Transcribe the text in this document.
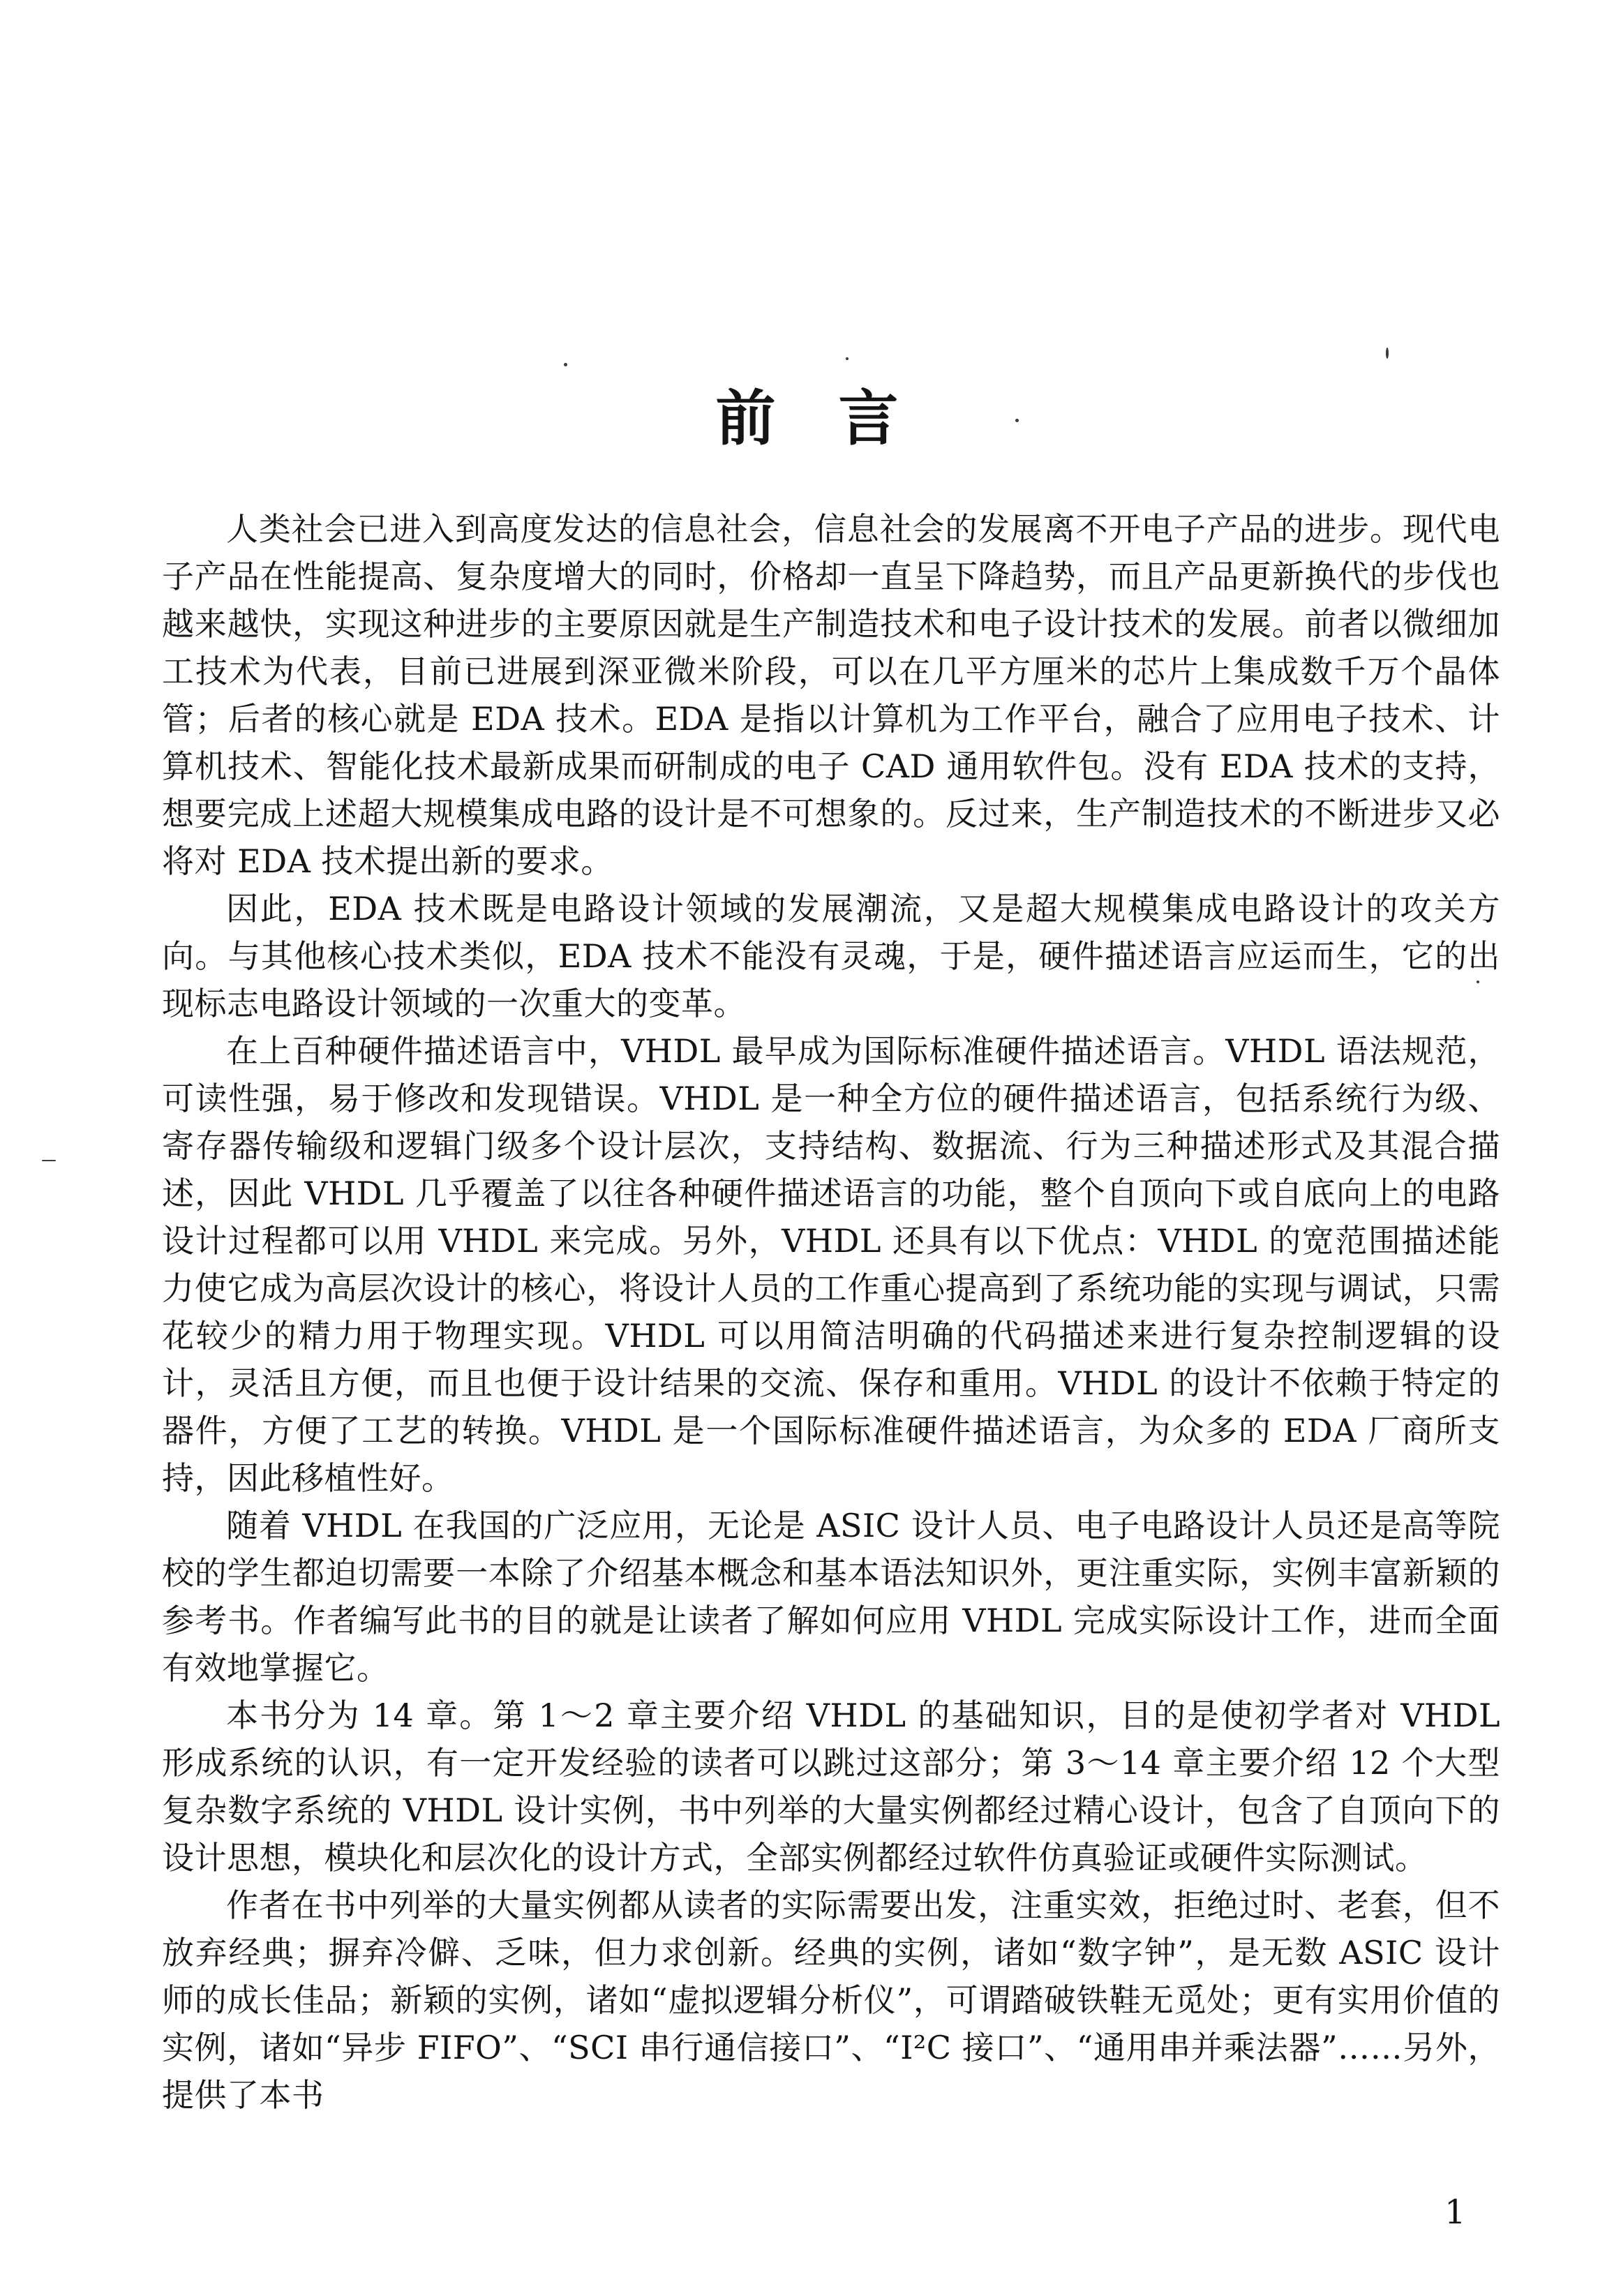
前言

人类社会已进入到高度发达的信息社会，信息社会的发展离不开电子产品的进步。现代电子产品在性能提高、复杂度增大的同时，价格却一直呈下降趋势，而且产品更新换代的步伐也越来越快，实现这种进步的主要原因就是生产制造技术和电子设计技术的发展。前者以微细加工技术为代表，目前已进展到深亚微米阶段，可以在几平方厘米的芯片上集成数千万个晶体管；后者的核心就是 EDA 技术。EDA 是指以计算机为工作平台，融合了应用电子技术、计算机技术、智能化技术最新成果而研制成的电子 CAD 通用软件包。没有 EDA 技术的支持，想要完成上述超大规模集成电路的设计是不可想象的。反过来，生产制造技术的不断进步又必将对 EDA 技术提出新的要求。

因此，EDA 技术既是电路设计领域的发展潮流，又是超大规模集成电路设计的攻关方向。与其他核心技术类似，EDA 技术不能没有灵魂，于是，硬件描述语言应运而生，它的出现标志电路设计领域的一次重大的变革。

在上百种硬件描述语言中，VHDL 最早成为国际标准硬件描述语言。VHDL 语法规范，可读性强，易于修改和发现错误。VHDL 是一种全方位的硬件描述语言，包括系统行为级、寄存器传输级和逻辑门级多个设计层次，支持结构、数据流、行为三种描述形式及其混合描述，因此 VHDL 几乎覆盖了以往各种硬件描述语言的功能，整个自顶向下或自底向上的电路设计过程都可以用 VHDL 来完成。另外，VHDL 还具有以下优点：VHDL 的宽范围描述能力使它成为高层次设计的核心，将设计人员的工作重心提高到了系统功能的实现与调试，只需花较少的精力用于物理实现。VHDL 可以用简洁明确的代码描述来进行复杂控制逻辑的设计，灵活且方便，而且也便于设计结果的交流、保存和重用。VHDL 的设计不依赖于特定的器件，方便了工艺的转换。VHDL 是一个国际标准硬件描述语言，为众多的 EDA 厂商所支持，因此移植性好。

随着 VHDL 在我国的广泛应用，无论是 ASIC 设计人员、电子电路设计人员还是高等院校的学生都迫切需要一本除了介绍基本概念和基本语法知识外，更注重实际，实例丰富新颖的参考书。作者编写此书的目的就是让读者了解如何应用 VHDL 完成实际设计工作，进而全面有效地掌握它。

本书分为 14 章。第 1～2 章主要介绍 VHDL 的基础知识，目的是使初学者对 VHDL 形成系统的认识，有一定开发经验的读者可以跳过这部分；第 3～14 章主要介绍 12 个大型复杂数字系统的 VHDL 设计实例，书中列举的大量实例都经过精心设计，包含了自顶向下的设计思想，模块化和层次化的设计方式，全部实例都经过软件仿真验证或硬件实际测试。

作者在书中列举的大量实例都从读者的实际需要出发，注重实效，拒绝过时、老套，但不放弃经典；摒弃冷僻、乏味，但力求创新。经典的实例，诸如“数字钟”，是无数 ASIC 设计师的成长佳品；新颖的实例，诸如“虚拟逻辑分析仪”，可谓踏破铁鞋无觅处；更有实用价值的实例，诸如“异步 FIFO”、“SCI 串行通信接口”、“I²C 接口”、“通用串并乘法器”……另外，提供了本书

1
